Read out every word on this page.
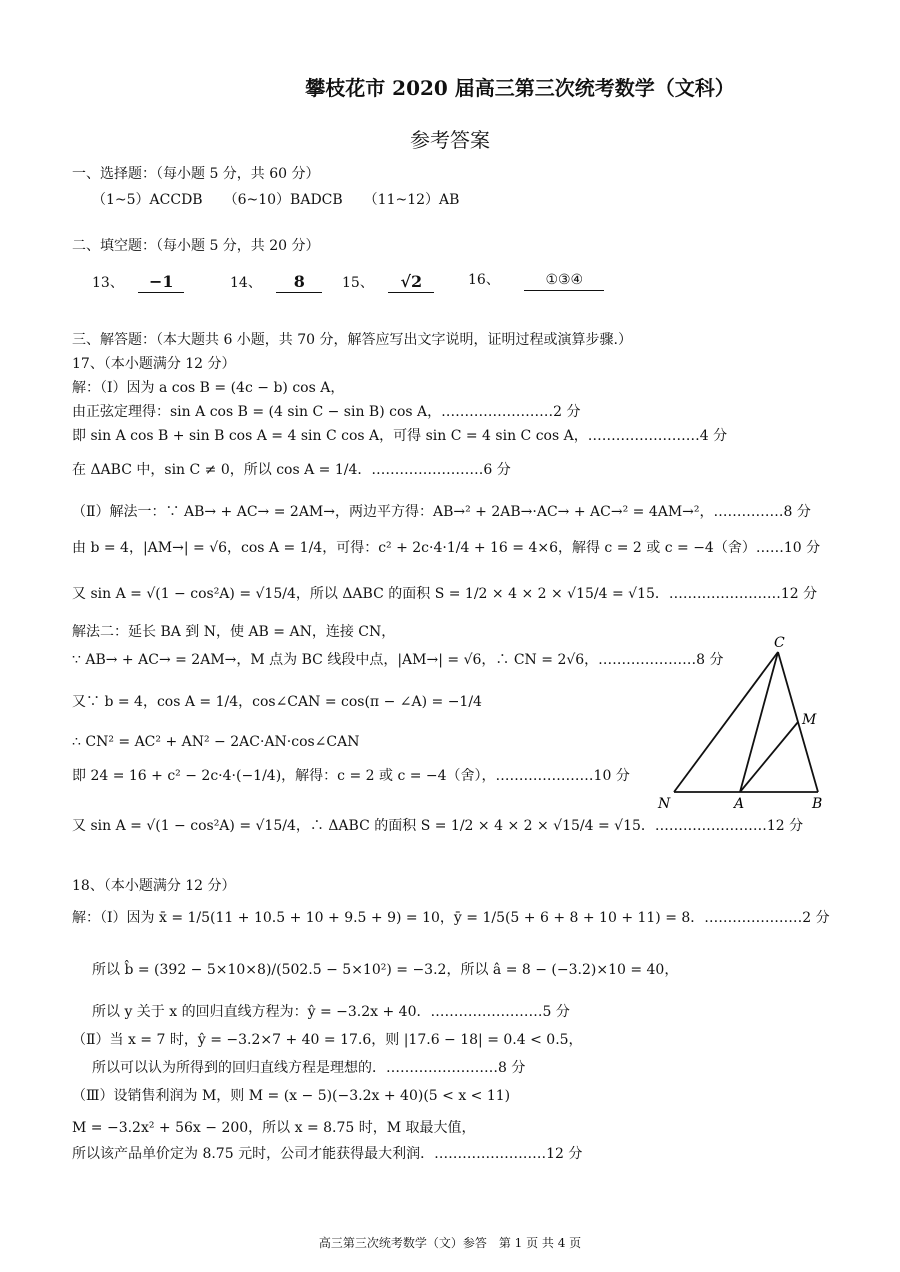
攀枝花市 2020 届高三第三次统考数学（文科）
参考答案
一、选择题：（每小题 5 分，共 60 分）
（1~5）ACCDB　　（6~10）BADCB　　（11~12）AB
二、填空题：（每小题 5 分，共 20 分）
13、 −1	14、 8	15、 √2	16、	①③④
三、解答题：（本大题共 6 小题，共 70 分，解答应写出文字说明，证明过程或演算步骤.）
17、（本小题满分 12 分）
解：（Ⅰ）因为 a cos B = (4c − b) cos A，
由正弦定理得：sin A cos B = (4 sin C − sin B) cos A，……………………2 分
即 sin A cos B + sin B cos A = 4 sin C cos A，可得 sin C = 4 sin C cos A，……………………4 分
在 ΔABC 中，sin C ≠ 0，所以 cos A = 1/4．……………………6 分
（Ⅱ）解法一：∵ AB→ + AC→ = 2AM→，两边平方得：AB→² + 2AB→·AC→ + AC→² = 4AM→²，……………8 分
由 b = 4，|AM→| = √6，cos A = 1/4，可得：c² + 2c·4·1/4 + 16 = 4×6，解得 c = 2 或 c = −4（舍）……10 分
又 sin A = √(1 − cos²A) = √15/4，所以 ΔABC 的面积 S = 1/2 × 4 × 2 × √15/4 = √15．……………………12 分
解法二：延长 BA 到 N，使 AB = AN，连接 CN，
∵ AB→ + AC→ = 2AM→，M 点为 BC 线段中点，|AM→| = √6，∴ CN = 2√6，…………………8 分
又∵ b = 4，cos A = 1/4，cos∠CAN = cos(π − ∠A) = −1/4
∴ CN² = AC² + AN² − 2AC·AN·cos∠CAN
即 24 = 16 + c² − 2c·4·(−1/4)，解得：c = 2 或 c = −4（舍），…………………10 分
又 sin A = √(1 − cos²A) = √15/4，∴ ΔABC 的面积 S = 1/2 × 4 × 2 × √15/4 = √15．……………………12 分
C
M
N	A	B
18、（本小题满分 12 分）
解：（Ⅰ）因为 x̄ = 1/5(11 + 10.5 + 10 + 9.5 + 9) = 10，ȳ = 1/5(5 + 6 + 8 + 10 + 11) = 8．…………………2 分
所以 b̂ = (392 − 5×10×8)/(502.5 − 5×10²) = −3.2，所以 â = 8 − (−3.2)×10 = 40，
所以 y 关于 x 的回归直线方程为：ŷ = −3.2x + 40．……………………5 分
（Ⅱ）当 x = 7 时，ŷ = −3.2×7 + 40 = 17.6，则 |17.6 − 18| = 0.4 < 0.5，
所以可以认为所得到的回归直线方程是理想的．……………………8 分
（Ⅲ）设销售利润为 M，则 M = (x − 5)(−3.2x + 40)(5 < x < 11)
M = −3.2x² + 56x − 200，所以 x = 8.75 时，M 取最大值，
所以该产品单价定为 8.75 元时，公司才能获得最大利润．……………………12 分
高三第三次统考数学（文）参答　第 1 页 共 4 页
